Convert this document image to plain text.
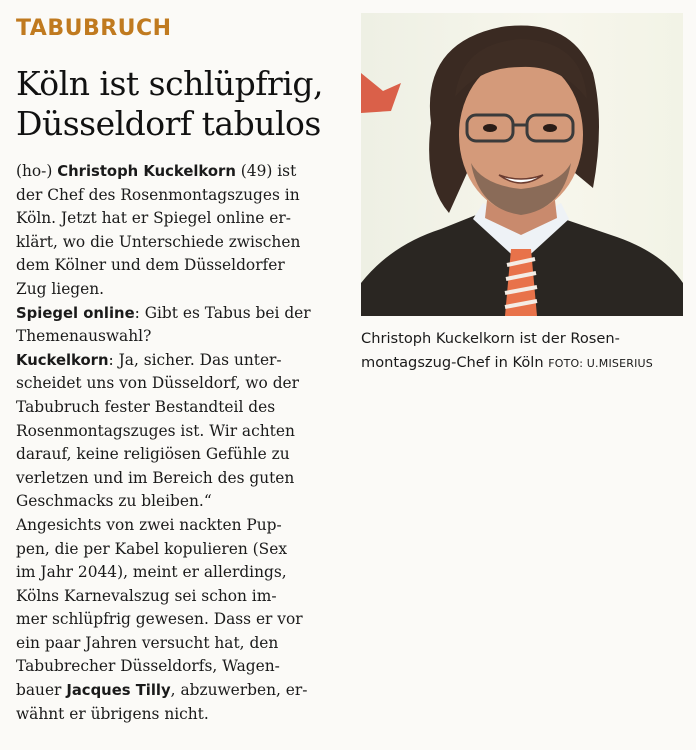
TABUBRUCH
Köln ist schlüpfrig,
Düsseldorf tabulos
(ho-) Christoph Kuckelkorn (49) ist
der Chef des Rosenmontagszuges in
Köln. Jetzt hat er Spiegel online er-
klärt, wo die Unterschiede zwischen
dem Kölner und dem Düsseldorfer
Zug liegen.
Spiegel online: Gibt es Tabus bei der
Themenauswahl?
Kuckelkorn: Ja, sicher. Das unter-
scheidet uns von Düsseldorf, wo der
Tabubruch fester Bestandteil des
Rosenmontagszuges ist. Wir achten
darauf, keine religiösen Gefühle zu
verletzen und im Bereich des guten
Geschmacks zu bleiben.“
Angesichts von zwei nackten Pup-
pen, die per Kabel kopulieren (Sex
im Jahr 2044), meint er allerdings,
Kölns Karnevalszug sei schon im-
mer schlüpfrig gewesen. Dass er vor
ein paar Jahren versucht hat, den
Tabubrecher Düsseldorfs, Wagen-
bauer Jacques Tilly, abzuwerben, er-
wähnt er übrigens nicht.
Christoph Kuckelkorn ist der Rosen-
montagszug-Chef in Köln FOTO: U.MISERIUS
